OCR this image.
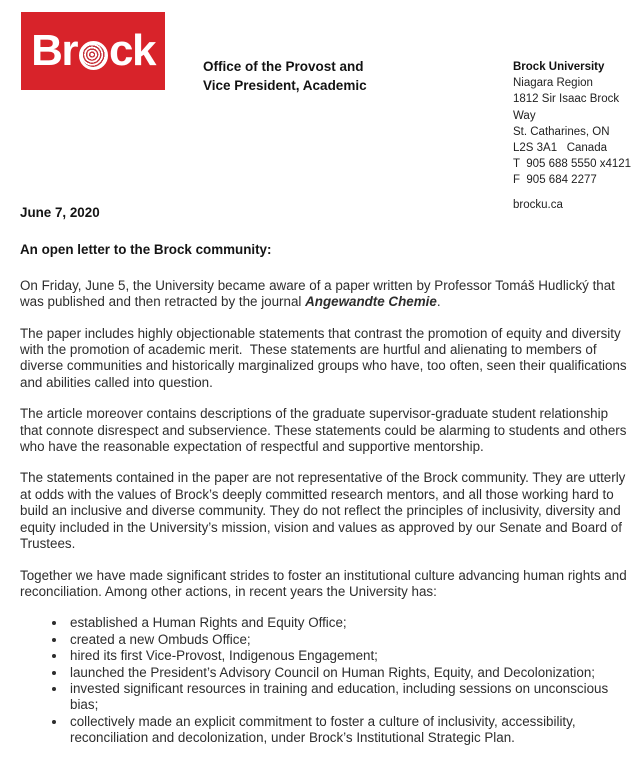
Br ck	Office of the Provost and
Vice President, Academic
Brock University
Niagara Region
1812 Sir Isaac Brock Way
St. Catharines, ON
L2S 3A1   Canada
T  905 688 5550 x4121
F  905 684 2277
brocku.ca

June 7, 2020

An open letter to the Brock community:

On Friday, June 5, the University became aware of a paper written by Professor Tomáš Hudlický that was published and then retracted by the journal Angewandte Chemie.

The paper includes highly objectionable statements that contrast the promotion of equity and diversity with the promotion of academic merit.  These statements are hurtful and alienating to members of diverse communities and historically marginalized groups who have, too often, seen their qualifications and abilities called into question.

The article moreover contains descriptions of the graduate supervisor-graduate student relationship that connote disrespect and subservience. These statements could be alarming to students and others who have the reasonable expectation of respectful and supportive mentorship.

The statements contained in the paper are not representative of the Brock community. They are utterly at odds with the values of Brock’s deeply committed research mentors, and all those working hard to build an inclusive and diverse community. They do not reflect the principles of inclusivity, diversity and equity included in the University’s mission, vision and values as approved by our Senate and Board of Trustees.

Together we have made significant strides to foster an institutional culture advancing human rights and reconciliation. Among other actions, in recent years the University has:

• established a Human Rights and Equity Office;
• created a new Ombuds Office;
• hired its first Vice-Provost, Indigenous Engagement;
• launched the President’s Advisory Council on Human Rights, Equity, and Decolonization;
• invested significant resources in training and education, including sessions on unconscious bias;
• collectively made an explicit commitment to foster a culture of inclusivity, accessibility, reconciliation and decolonization, under Brock’s Institutional Strategic Plan.
